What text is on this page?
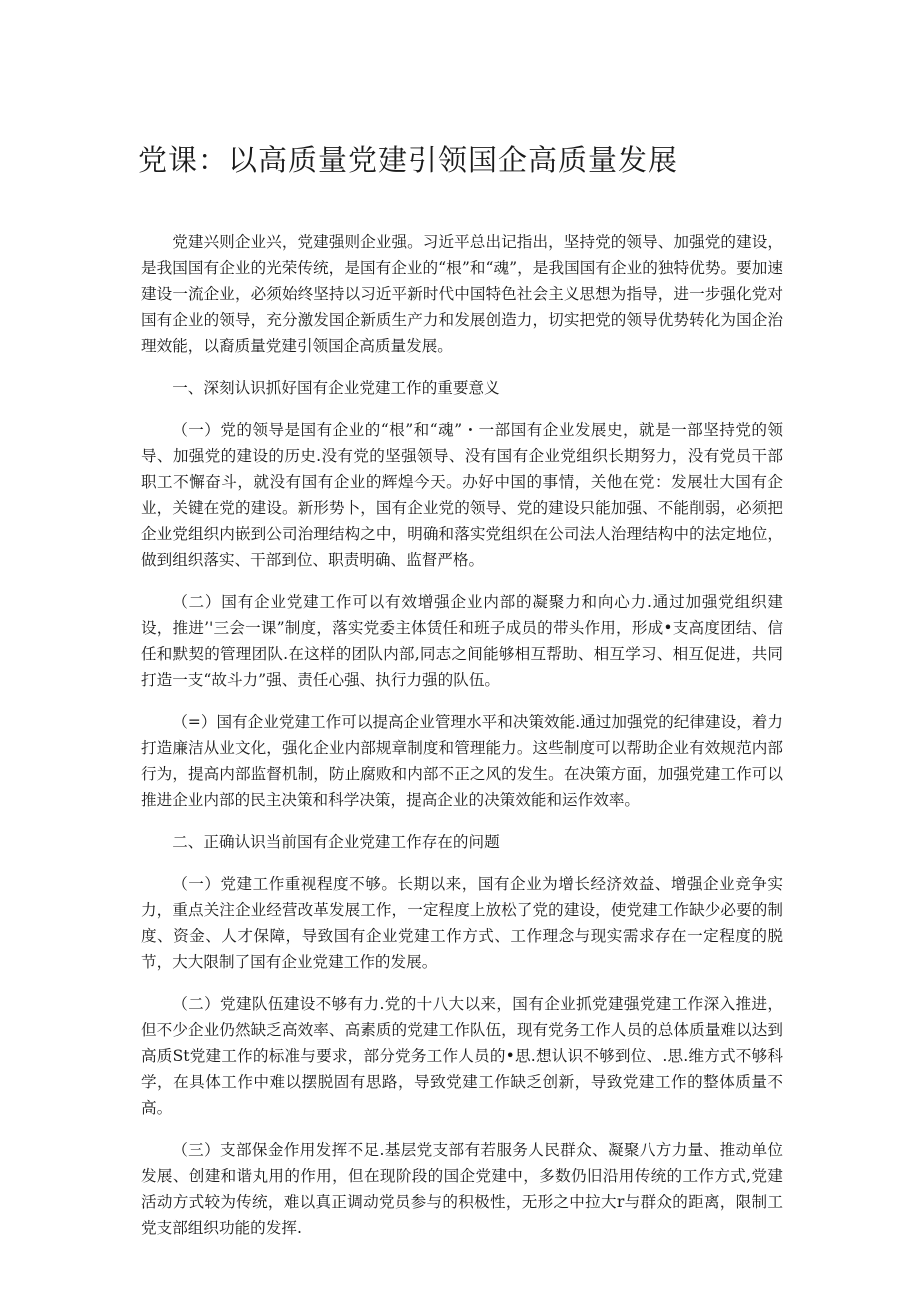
党课：以高质量党建引领国企高质量发展

党建兴则企业兴，党建强则企业强。习近平总出记指出，坚持党的领导、加强党的建设，是我国国有企业的光荣传统，是国有企业的“根”和“魂”，是我国国有企业的独特优势。要加速建设一流企业，必须始终坚持以习近平新时代中国特色社会主义思想为指导，进一步强化党对国有企业的领导，充分激发国企新质生产力和发展创造力，切实把党的领导优势转化为国企治理效能，以裔质量党建引领国企高质量发展。

一、深刻认识抓好国有企业党建工作的重要意义

（一）党的领导是国有企业的“根”和“魂”・一部国有企业发展史，就是一部坚持党的领导、加强党的建设的历史.没有党的坚强领导、没有国有企业党组织长期努力，没有党员干部职工不懈奋斗，就没有国有企业的辉煌今天。办好中国的事情，关他在党：发展壮大国有企业，关键在党的建设。新形势卜，国有企业党的领导、党的建设只能加强、不能削弱，必须把企业党组织内嵌到公司治理结构之中，明确和落实党组织在公司法人治理结构中的法定地位，做到组织落实、干部到位、职责明确、监督严格。

（二）国有企业党建工作可以有效增强企业内部的凝聚力和向心力.通过加强党组织建设，推进’'三会一课”制度，落实党委主体赁任和班子成员的带头作用，形成•支高度团结、信任和默契的管理团队.在这样的团队内部,同志之间能够相互帮助、相互学习、相互促进，共同打造一支“故斗力”强、责任心强、执行力强的队伍。

（=）国有企业党建工作可以提高企业管理水平和决策效能.通过加强党的纪律建设，着力打造廉洁从业文化，强化企业内部规章制度和管理能力。这些制度可以帮助企业有效规范内部行为，提高内部监督机制，防止腐败和内部不正之风的发生。在决策方面，加强党建工作可以推进企业内部的民主决策和科学决策，提高企业的决策效能和运作效率。

二、正确认识当前国有企业党建工作存在的问题

（一）党建工作重视程度不够。长期以来，国有企业为增长经济效益、增强企业竞争实力，重点关注企业经营改革发展工作，一定程度上放松了党的建设，使党建工作缺少必要的制度、资金、人才保障，导致国有企业党建工作方式、工作理念与现实需求存在一定程度的脱节，大大限制了国有企业党建工作的发展。

（二）党建队伍建设不够有力.党的十八大以来，国有企业抓党建强党建工作深入推进，但不少企业仍然缺乏高效率、高素质的党建工作队伍，现有党务工作人员的总体质量难以达到高质St党建工作的标准与要求，部分党务工作人员的•思.想认识不够到位、.思.维方式不够科学，在具体工作中难以摆脱固有思路，导致党建工作缺乏创新，导致党建工作的整体质量不高。

（三）支部保金作用发挥不足.基层党支部有若服务人民群众、凝聚八方力量、推动单位发展、创建和谐丸用的作用，但在现阶段的国企党建中，多数仍旧沿用传统的工作方式,党建活动方式较为传统，难以真正调动党员参与的积极性，无形之中拉大r与群众的距离，限制工党支部组织功能的发挥.
